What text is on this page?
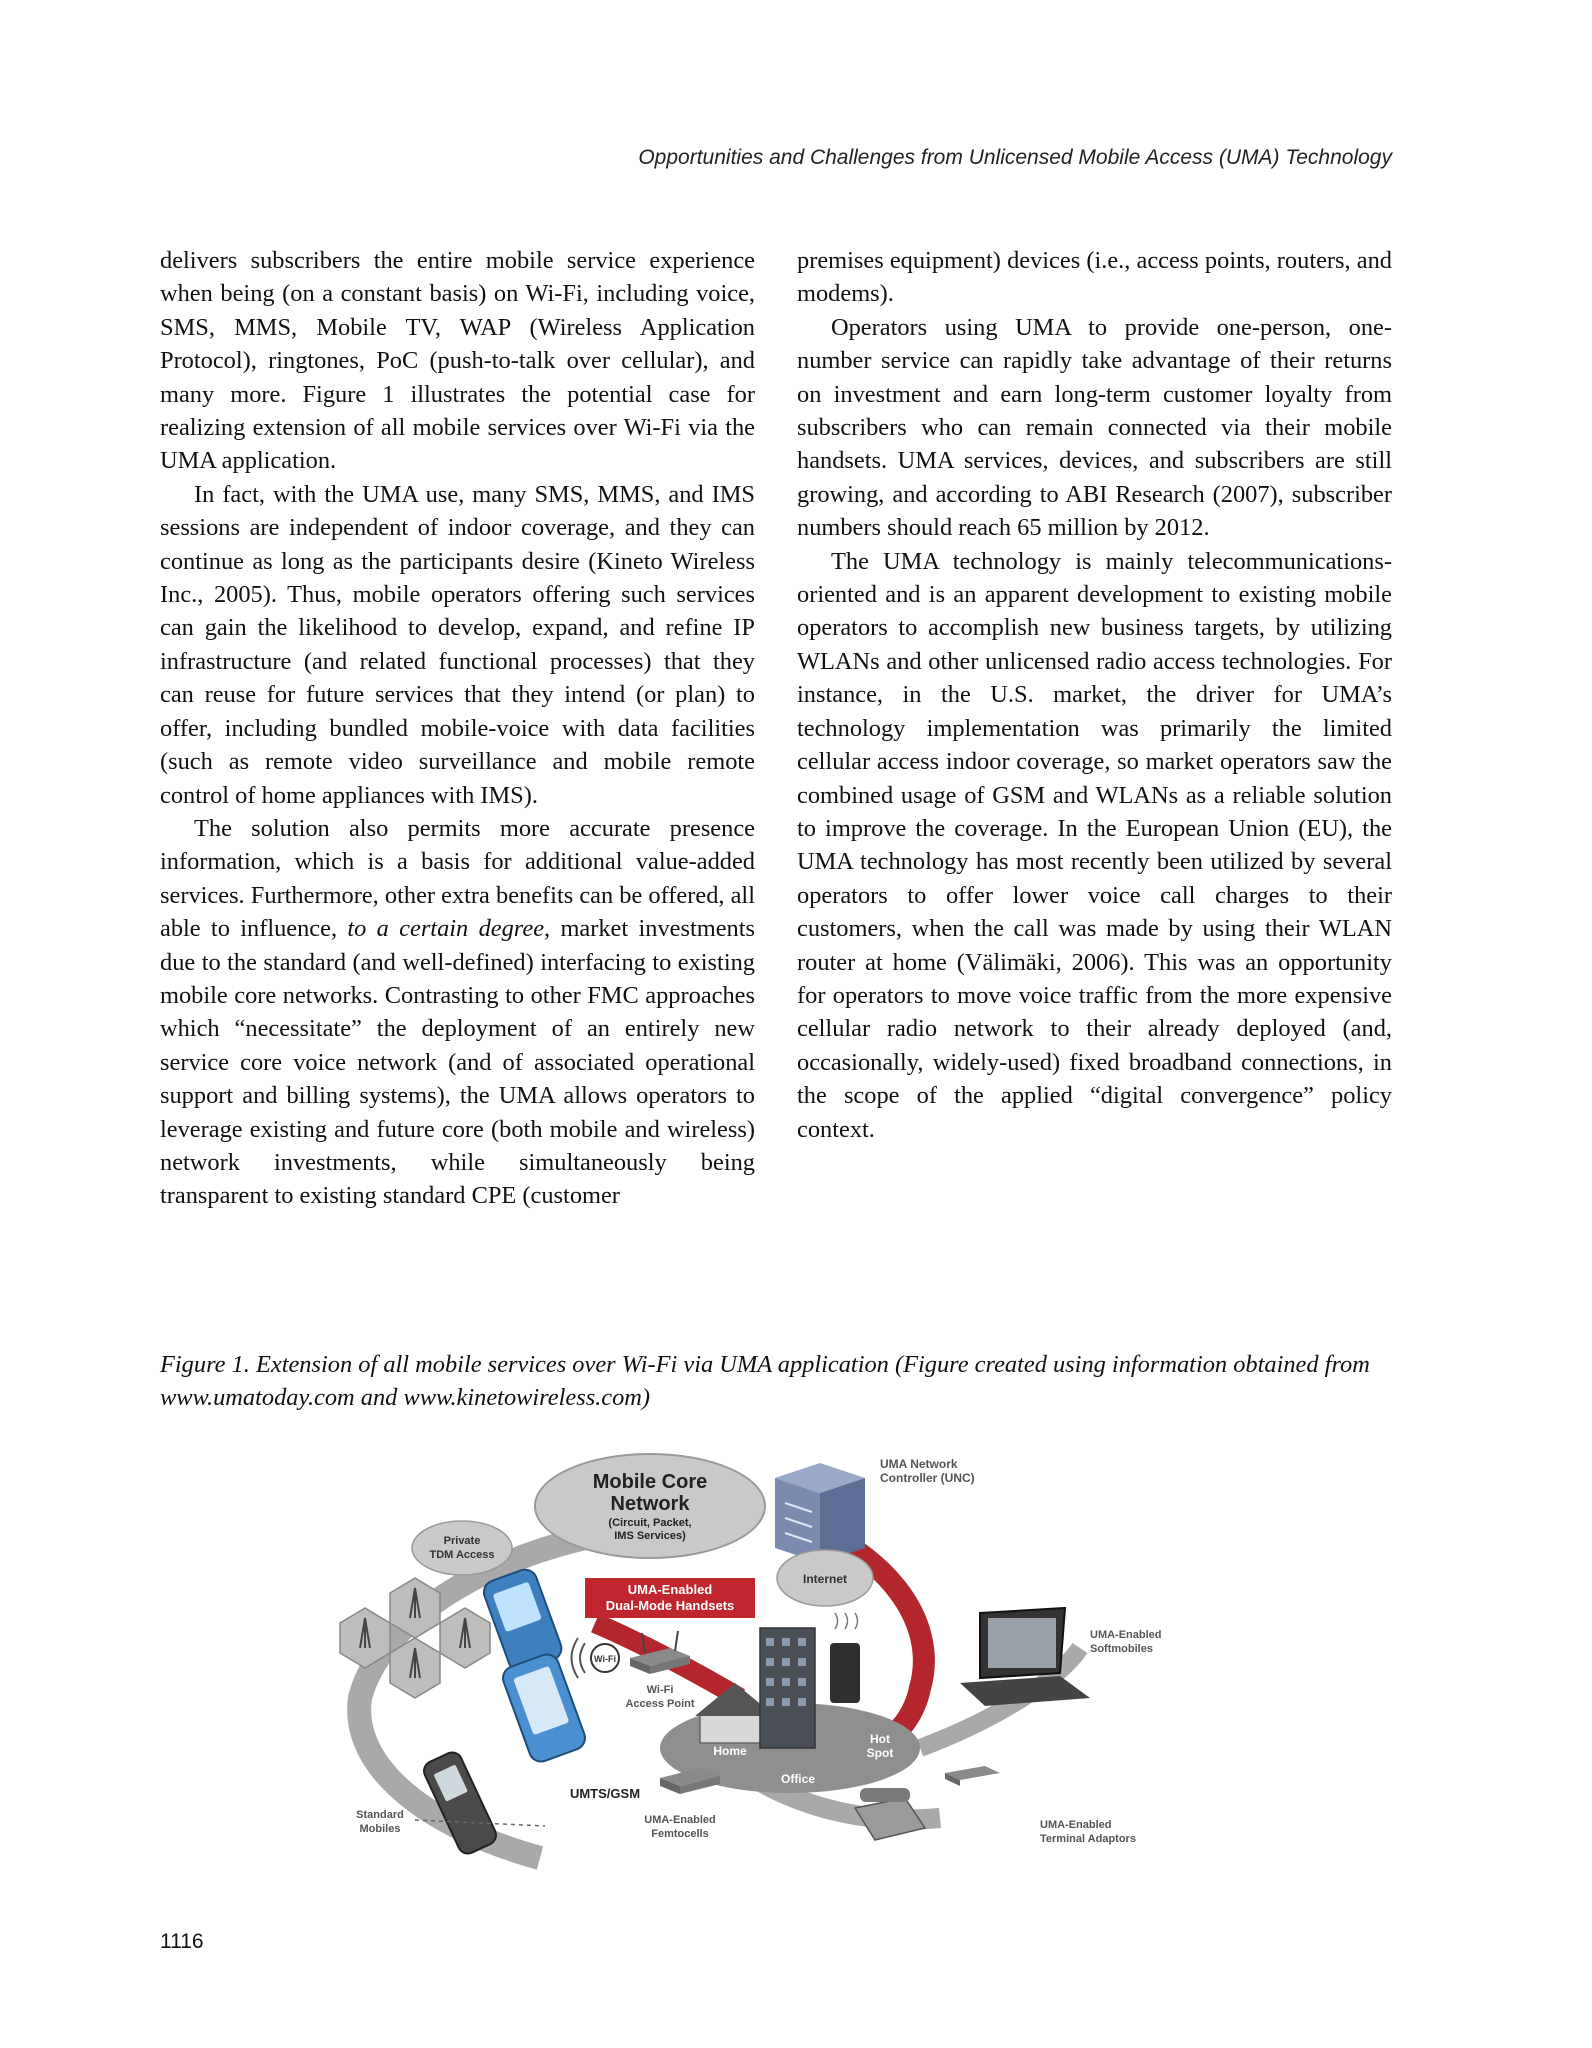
Opportunities and Challenges from Unlicensed Mobile Access (UMA) Technology

delivers subscribers the entire mobile service experience when being (on a constant basis) on Wi-Fi, including voice, SMS, MMS, Mobile TV, WAP (Wireless Application Protocol), ringtones, PoC (push-to-talk over cellular), and many more. Figure 1 illustrates the potential case for realizing extension of all mobile services over Wi-Fi via the UMA application.

In fact, with the UMA use, many SMS, MMS, and IMS sessions are independent of indoor coverage, and they can continue as long as the participants desire (Kineto Wireless Inc., 2005). Thus, mobile operators offering such services can gain the likelihood to develop, expand, and refine IP infrastructure (and related functional processes) that they can reuse for future services that they intend (or plan) to offer, including bundled mobile-voice with data facilities (such as remote video surveillance and mobile remote control of home appliances with IMS).

The solution also permits more accurate presence information, which is a basis for additional value-added services. Furthermore, other extra benefits can be offered, all able to influence, to a certain degree, market investments due to the standard (and well-defined) interfacing to existing mobile core networks. Contrasting to other FMC approaches which “necessitate” the deployment of an entirely new service core voice network (and of associated operational support and billing systems), the UMA allows operators to leverage existing and future core (both mobile and wireless) network investments, while simultaneously being transparent to existing standard CPE (customer

premises equipment) devices (i.e., access points, routers, and modems).

Operators using UMA to provide one-person, one-number service can rapidly take advantage of their returns on investment and earn long-term customer loyalty from subscribers who can remain connected via their mobile handsets. UMA services, devices, and subscribers are still growing, and according to ABI Research (2007), subscriber numbers should reach 65 million by 2012.

The UMA technology is mainly telecommunications-oriented and is an apparent development to existing mobile operators to accomplish new business targets, by utilizing WLANs and other unlicensed radio access technologies. For instance, in the U.S. market, the driver for UMA’s technology implementation was primarily the limited cellular access indoor coverage, so market operators saw the combined usage of GSM and WLANs as a reliable solution to improve the coverage. In the European Union (EU), the UMA technology has most recently been utilized by several operators to offer lower voice call charges to their customers, when the call was made by using their WLAN router at home (Välimäki, 2006). This was an opportunity for operators to move voice traffic from the more expensive cellular radio network to their already deployed (and, occasionally, widely-used) fixed broadband connections, in the scope of the applied “digital convergence” policy context.

Figure 1. Extension of all mobile services over Wi-Fi via UMA application (Figure created using information obtained from www.umatoday.com and www.kinetowireless.com)
Mobile Core
Network
(Circuit, Packet,
IMS Services)
UMA Network
Controller (UNC)
Private
TDM Access
UMA-Enabled
Dual-Mode Handsets
Internet
Wi-Fi
Wi-Fi
Access Point
Home
Office
Hot
Spot
UMA-Enabled
Softmobiles
UMTS/GSM
UMA-Enabled
Femtocells
Standard
Mobiles	UMA-Enabled
Terminal Adaptors
1116
